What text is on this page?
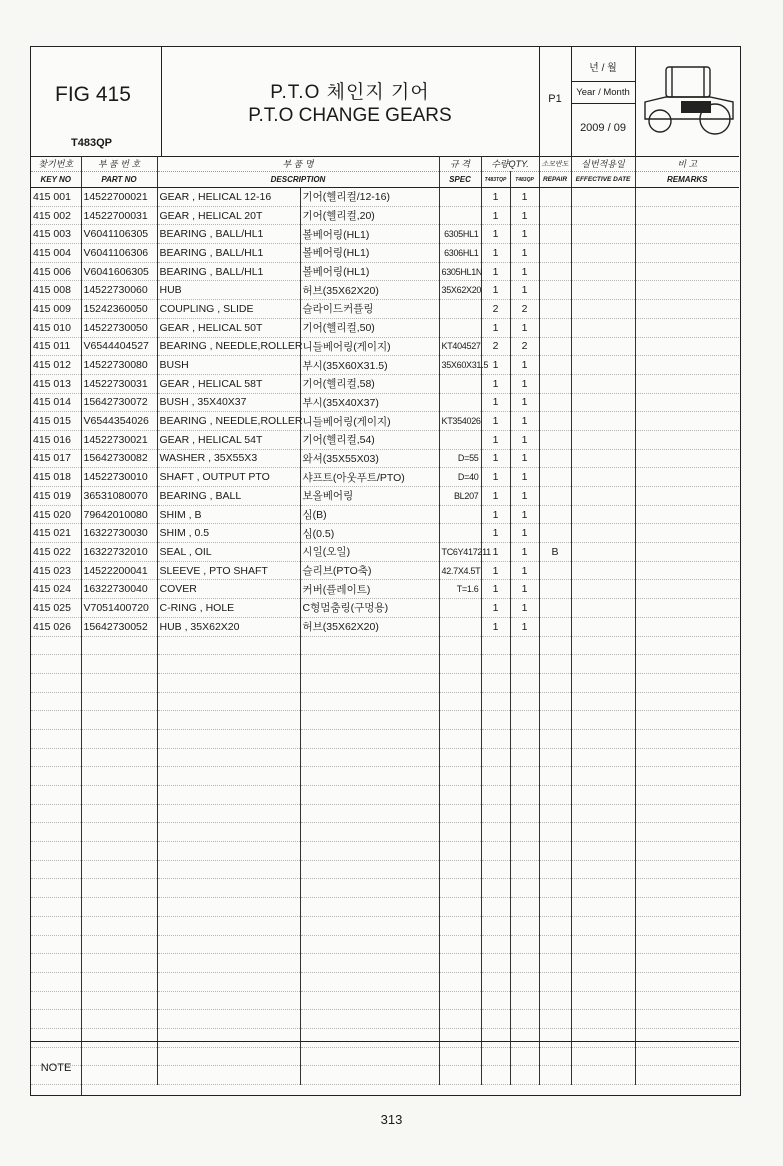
FIG 415
T483QP
P.T.O 체인지 기어
P.T.O CHANGE GEARS
P1
년 / 월
Year / Month
2009 / 09
찾기번호	부 품 번 호	부 품 명		규 격	수량QTY.		소모반도	실번적용일	비 고
KEY NO	PART NO	DESCRIPTION		SPEC	T483TQP	T483QP	REPAIR	EFFECTIVE DATE	REMARKS
415 001	14522700021	GEAR , HELICAL 12-16	기어(헬리컬/12-16)		1	1			
415 002	14522700031	GEAR , HELICAL 20T	기어(헬리컬,20)		1	1			
415 003	V6041106305	BEARING , BALL/HL1	볼베어링(HL1)	6305HL1	1	1			
415 004	V6041106306	BEARING , BALL/HL1	볼베어링(HL1)	6306HL1	1	1			
415 006	V6041606305	BEARING , BALL/HL1	볼베어링(HL1)	6305HL1N	1	1			
415 008	14522730060	HUB	허브(35X62X20)	35X62X20	1	1			
415 009	15242360050	COUPLING , SLIDE	슬라이드커플링		2	2			
415 010	14522730050	GEAR , HELICAL 50T	기어(헬리컬,50)		1	1			
415 011	V6544404527	BEARING , NEEDLE,ROLLER	니들베어링(게이지)	KT404527	2	2			
415 012	14522730080	BUSH	부시(35X60X31.5)	35X60X31.5	1	1			
415 013	14522730031	GEAR , HELICAL 58T	기어(헬리컬,58)		1	1			
415 014	15642730072	BUSH , 35X40X37	부시(35X40X37)		1	1			
415 015	V6544354026	BEARING , NEEDLE,ROLLER	니들베어링(게이지)	KT354026	1	1			
415 016	14522730021	GEAR , HELICAL 54T	기어(헬리컬,54)		1	1			
415 017	15642730082	WASHER , 35X55X3	와셔(35X55X03)	D=55	1	1			
415 018	14522730010	SHAFT , OUTPUT PTO	샤프트(아웃푸트/PTO)	D=40	1	1			
415 019	36531080070	BEARING , BALL	보올베어링	BL207	1	1			
415 020	79642010080	SHIM , B	심(B)		1	1			
415 021	16322730030	SHIM , 0.5	심(0.5)		1	1			
415 022	16322732010	SEAL , OIL	시일(오일)	TC6Y417211	1	1	B		
415 023	14522200041	SLEEVE , PTO SHAFT	슬리브(PTO축)	42.7X4.5T	1	1			
415 024	16322730040	COVER	커버(플레이트)	T=1.6	1	1			
415 025	V7051400720	C-RING , HOLE	C형멈춤링(구멍용)		1	1			
415 026	15642730052	HUB , 35X62X20	허브(35X62X20)		1	1			

NOTE
313
